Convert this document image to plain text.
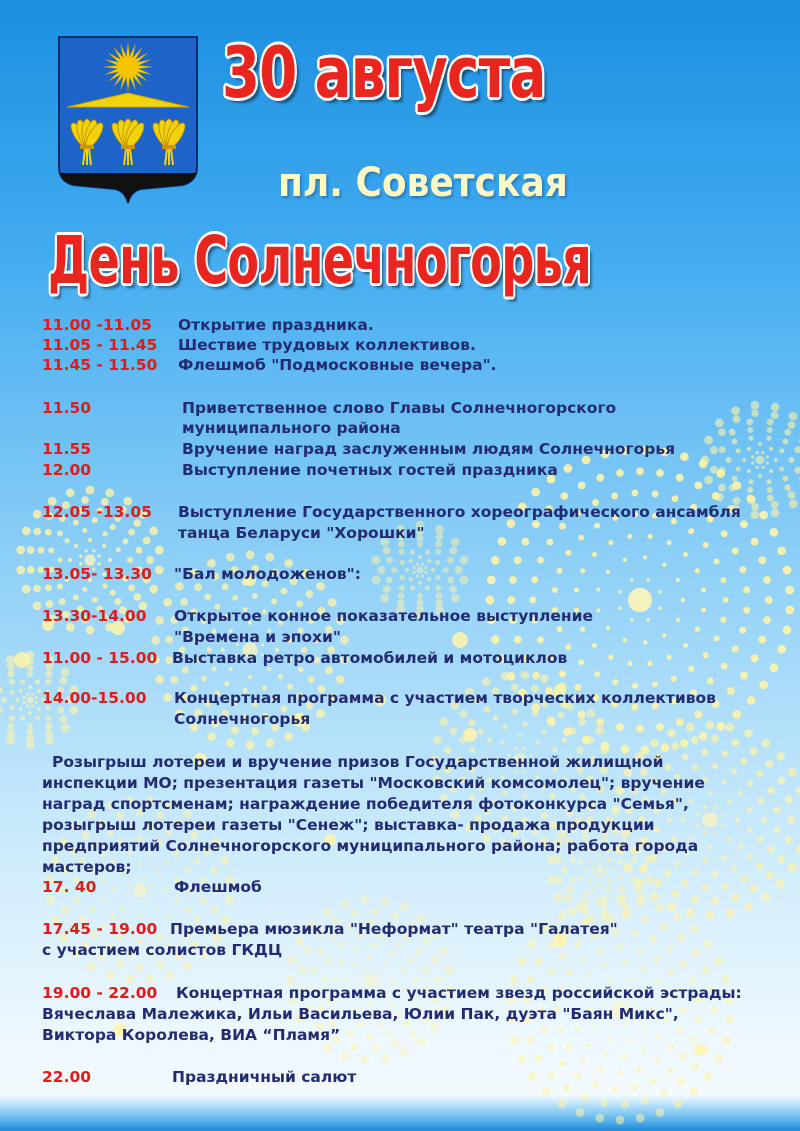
30 августа
пл. Советская
День Солнечногорья
11.00 -11.05 Открытие праздника.
11.05 - 11.45 Шествие трудовых коллективов.
11.45 - 11.50 Флешмоб "Подмосковные вечера".
11.50	Приветственное слово Главы Солнечногорского
муниципального района
11.55	Вручение наград заслуженным людям Солнечногорья
12.00	Выступление почетных гостей праздника
12.05 -13.05 Выступление Государственного хореографического ансамбля
танца Беларуси "Хорошки"
13.05- 13.30 "Бал молодоженов":
13.30-14.00 Открытое конное показательное выступление
"Времена и эпохи"
11.00 - 15.00 Выставка ретро автомобилей и мотоциклов
14.00-15.00 Концертная программа с участием творческих коллективов
Солнечногорья
Розыгрыш лотереи и вручение призов Государственной жилищной
инспекции МО; презентация газеты "Московский комсомолец"; вручение
наград спортсменам; награждение победителя фотоконкурса "Семья",
розыгрыш лотереи газеты "Сенеж"; выставка- продажа продукции
предприятий Солнечногорского муниципального района; работа города
мастеров;
17. 40	Флешмоб
17.45 - 19.00 Премьера мюзикла "Неформат" театра "Галатея"
с участием солистов ГКДЦ
19.00 - 22.00 Концертная программа с участием звезд российской эстрады:
Вячеслава Малежика, Ильи Васильева, Юлии Пак, дуэта "Баян Микс",
Виктора Королева, ВИА “Пламя”
22.00	Праздничный салют
